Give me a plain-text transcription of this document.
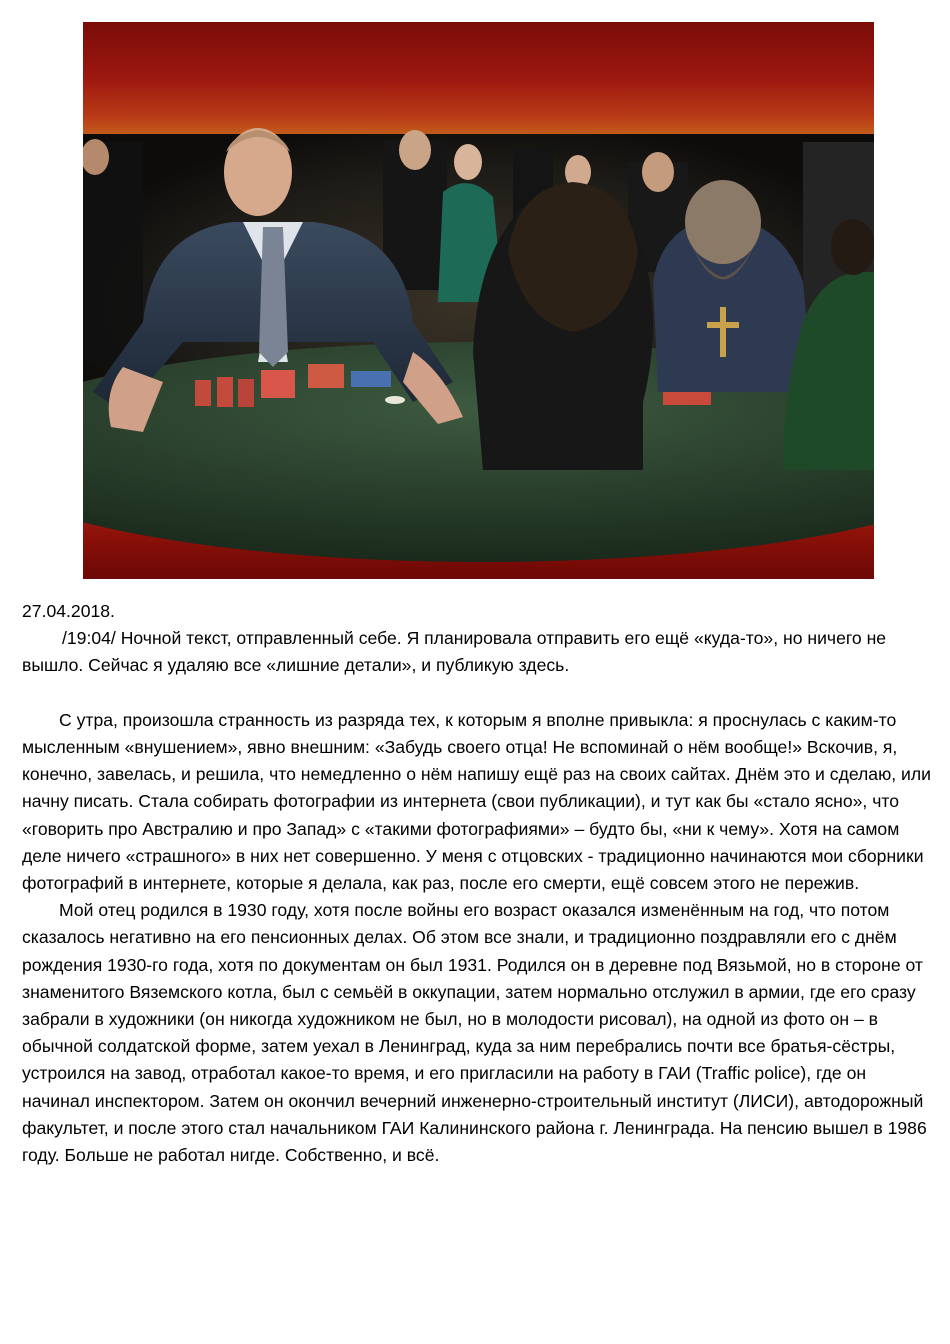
27.04.2018.

/19:04/ Ночной текст, отправленный себе. Я планировала отправить его ещё «куда-то», но ничего не вышло. Сейчас я удаляю все «лишние детали», и публикую здесь.

С утра, произошла странность из разряда тех, к которым я вполне привыкла: я проснулась с каким-то мысленным «внушением», явно внешним: «Забудь своего отца! Не вспоминай о нём вообще!» Вскочив, я, конечно, завелась, и решила, что немедленно о нём напишу ещё раз на своих сайтах. Днём это и сделаю, или начну писать. Стала собирать фотографии из интернета (свои публикации), и тут как бы «стало ясно», что «говорить про Австралию и про Запад» с «такими фотографиями» – будто бы, «ни к чему». Хотя на самом деле ничего «страшного» в них нет совершенно. У меня с отцовских - традиционно начинаются мои сборники фотографий в интернете, которые я делала, как раз, после его смерти, ещё совсем этого не пережив.

Мой отец родился в 1930 году, хотя после войны его возраст оказался изменённым на год, что потом сказалось негативно на его пенсионных делах. Об этом все знали, и традиционно поздравляли его с днём рождения 1930-го года, хотя по документам он был 1931. Родился он в деревне под Вязьмой, но в стороне от знаменитого Вяземского котла, был с семьёй в оккупации, затем нормально отслужил в армии, где его сразу забрали в художники (он никогда художником не был, но в молодости рисовал), на одной из фото он – в обычной солдатской форме, затем уехал в Ленинград, куда за ним перебрались почти все братья-сёстры, устроился на завод, отработал какое-то время, и его пригласили на работу в ГАИ (Traffic police), где он начинал инспектором. Затем он окончил вечерний инженерно-строительный институт (ЛИСИ), автодорожный факультет, и после этого стал начальником ГАИ Калининского района г. Ленинграда. На пенсию вышел в 1986 году. Больше не работал нигде. Собственно, и всё.
